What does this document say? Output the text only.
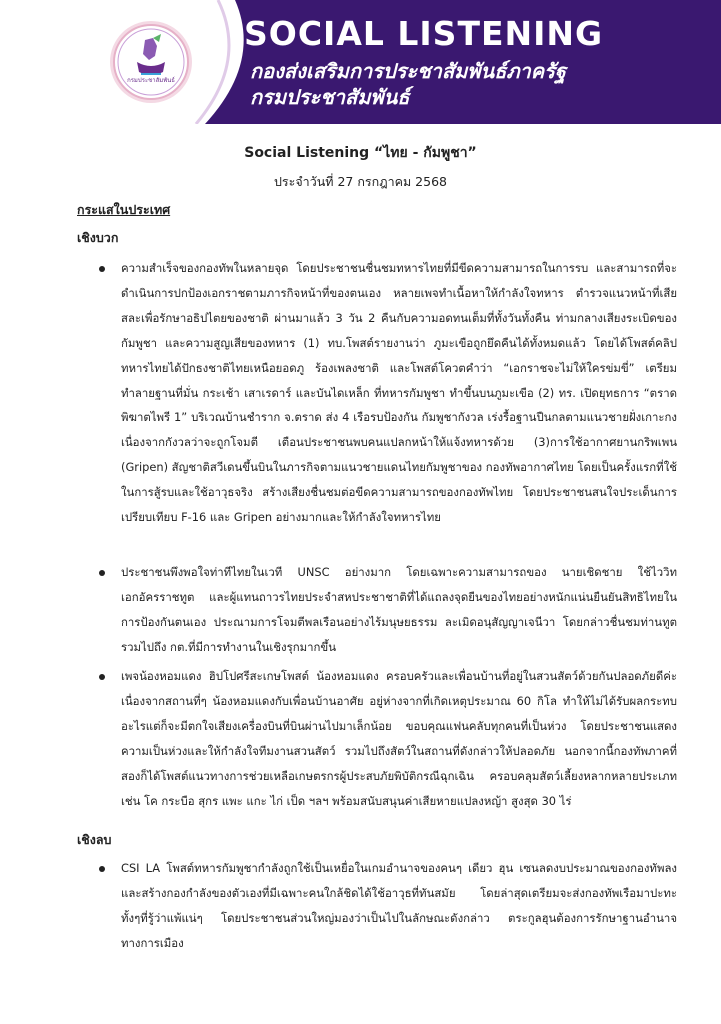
กรมประชาสัมพันธ์
SOCIAL LISTENING
กองส่งเสริมการประชาสัมพันธ์ภาครัฐ
กรมประชาสัมพันธ์
Social Listening “ไทย - กัมพูชา”
ประจำวันที่ 27 กรกฎาคม 2568
กระแสในประเทศ
เชิงบวก
ความสำเร็จของกองทัพในหลายจุด โดยประชาชนชื่นชมทหารไทยที่มีขีดความสามารถในการรบ และสามารถที่จะดำเนินการปกป้องเอกราชตามภารกิจหน้าที่ของตนเอง หลายเพจทำเนื้อหาให้กำลังใจทหาร ตำรวจแนวหน้าที่เสียสละเพื่อรักษาอธิปไตยของชาติ ผ่านมาแล้ว 3 วัน 2 คืนกับความอดทนเต็มที่ทั้งวันทั้งคืน ท่ามกลางเสียงระเบิดของกัมพูชา และความสูญเสียของทหาร (1) ทบ.โพสต์รายงานว่า ภูมะเขือถูกยึดคืนได้ทั้งหมดแล้ว โดยได้โพสต์คลิปทหารไทยได้ปักธงชาติไทยเหนือยอดภู ร้องเพลงชาติ และโพสต์โควตคำว่า “เอกราชจะไม่ให้ใครข่มขี่” เตรียมทำลายฐานที่มั่น กระเช้า เสาเรดาร์ และบันไดเหล็ก ที่ทหารกัมพูชา ทำขึ้นบนภูมะเขือ (2) ทร. เปิดยุทธการ “ตราดพิฆาตไพรี 1” บริเวณบ้านชำราก จ.ตราด ส่ง 4 เรือรบป้องกัน กัมพูชากังวล เร่งรื้อฐานปืนกลตามแนวชายฝั่งเกาะกง เนื่องจากกังวลว่าจะถูกโจมตี เตือนประชาชนพบคนแปลกหน้าให้แจ้งทหารด้วย (3)การใช้อากาศยานกริพเพน (Gripen) สัญชาติสวีเดนขึ้นบินในภารกิจตามแนวชายแดนไทยกัมพูชาของ กองทัพอากาศไทย โดยเป็นครั้งแรกที่ใช้ในการสู้รบและใช้อาวุธจริง สร้างเสียงชื่นชมต่อขีดความสามารถของกองทัพไทย โดยประชาชนสนใจประเด็นการเปรียบเทียบ F-16 และ Gripen อย่างมากและให้กำลังใจทหารไทย
ประชาชนพึงพอใจท่าทีไทยในเวที UNSC อย่างมาก โดยเฉพาะความสามารถของ นายเชิดชาย ใช้ไววิท เอกอัครราชทูต และผู้แทนถาวรไทยประจำสหประชาชาติที่ได้แถลงจุดยืนของไทยอย่างหนักแน่นยืนยันสิทธิไทยในการป้องกันตนเอง ประณามการโจมตีพลเรือนอย่างไร้มนุษยธรรม ละเมิดอนุสัญญาเจนีวา โดยกล่าวชื่นชมท่านทูต รวมไปถึง กต.ที่มีการทำงานในเชิงรุกมากขึ้น
เพจน้องหอมแดง ฮิปโปศรีสะเกษโพสต์ น้องหอมแดง ครอบครัวและเพื่อนบ้านที่อยู่ในสวนสัตว์ด้วยกันปลอดภัยดีค่ะ เนื่องจากสถานที่ๆ น้องหอมแดงกับเพื่อนบ้านอาศัย อยู่ห่างจากที่เกิดเหตุประมาณ 60 กิโล ทำให้ไม่ได้รับผลกระทบ อะไรแต่ก็จะมีตกใจเสียงเครื่องบินที่บินผ่านไปมาเล็กน้อย ขอบคุณแฟนคลับทุกคนที่เป็นห่วง โดยประชาชนแสดงความเป็นห่วงและให้กำลังใจทีมงานสวนสัตว์ รวมไปถึงสัตว์ในสถานที่ดังกล่าวให้ปลอดภัย นอกจากนี้กองทัพภาคที่สองก็ได้โพสต์แนวทางการช่วยเหลือเกษตรกรผู้ประสบภัยพิบัติกรณีฉุกเฉิน ครอบคลุมสัตว์เลี้ยงหลากหลายประเภท เช่น โค กระบือ สุกร แพะ แกะ ไก่ เป็ด ฯลฯ พร้อมสนับสนุนค่าเสียหายแปลงหญ้า สูงสุด 30 ไร่
เชิงลบ
CSI LA โพสต์ทหารกัมพูชากำลังถูกใช้เป็นเหยื่อในเกมอำนาจของคนๆ เดียว ฮุน เซนลดงบประมาณของกองทัพลง และสร้างกองกำลังของตัวเองที่มีเฉพาะคนใกล้ชิดได้ใช้อาวุธที่ทันสมัย โดยล่าสุดเตรียมจะส่งกองทัพเรือมาปะทะ ทั้งๆที่รู้ว่าแพ้แน่ๆ โดยประชาชนส่วนใหญ่มองว่าเป็นไปในลักษณะดังกล่าว ตระกูลฮุนต้องการรักษาฐานอำนาจทางการเมือง
